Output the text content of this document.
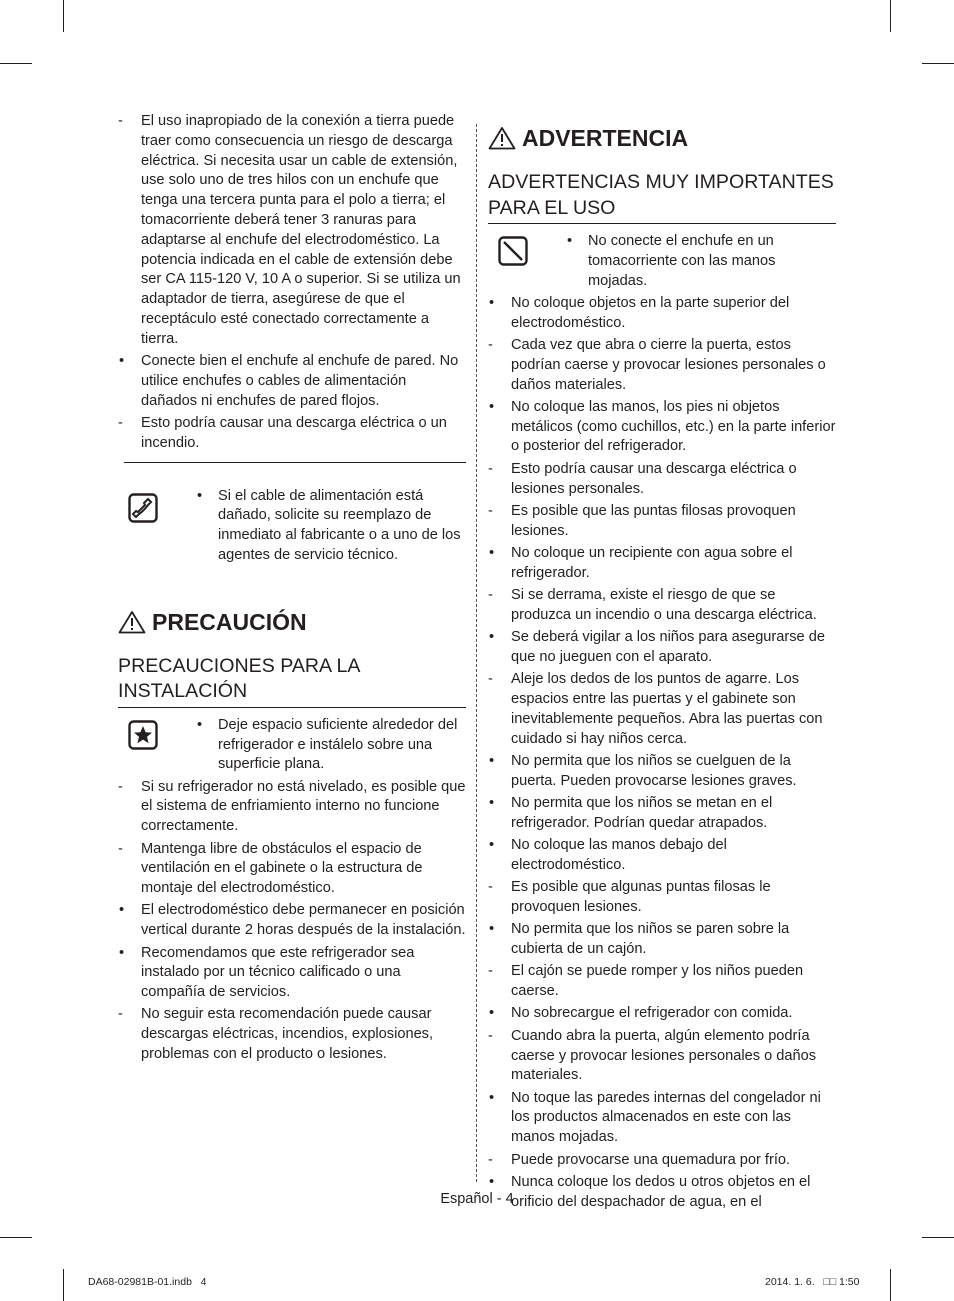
-	El uso inapropiado de la conexión a tierra puede traer como consecuencia un riesgo de descarga eléctrica. Si necesita usar un cable de extensión, use solo uno de tres hilos con un enchufe que tenga una tercera punta para el polo a tierra; el tomacorriente deberá tener 3 ranuras para adaptarse al enchufe del electrodoméstico. La potencia indicada en el cable de extensión debe ser CA 115-120 V, 10 A o superior. Si se utiliza un adaptador de tierra, asegúrese de que el receptáculo esté conectado correctamente a tierra.
•	Conecte bien el enchufe al enchufe de pared. No utilice enchufes o cables de alimentación dañados ni enchufes de pared flojos.
-	Esto podría causar una descarga eléctrica o un incendio.
•	Si el cable de alimentación está dañado, solicite su reemplazo de inmediato al fabricante o a uno de los agentes de servicio técnico.
PRECAUCIÓN
PRECAUCIONES PARA LA INSTALACIÓN
•	Deje espacio suficiente alrededor del refrigerador e instálelo sobre una superficie plana.
-	Si su refrigerador no está nivelado, es posible que el sistema de enfriamiento interno no funcione correctamente.
-	Mantenga libre de obstáculos el espacio de ventilación en el gabinete o la estructura de montaje del electrodoméstico.
•	El electrodoméstico debe permanecer en posición vertical durante 2 horas después de la instalación.
•	Recomendamos que este refrigerador sea instalado por un técnico calificado o una compañía de servicios.
-	No seguir esta recomendación puede causar descargas eléctricas, incendios, explosiones, problemas con el producto o lesiones.
ADVERTENCIA
ADVERTENCIAS MUY IMPORTANTES PARA EL USO
•	No conecte el enchufe en un tomacorriente con las manos mojadas.
•	No coloque objetos en la parte superior del electrodoméstico.
-	Cada vez que abra o cierre la puerta, estos podrían caerse y provocar lesiones personales o daños materiales.
•	No coloque las manos, los pies ni objetos metálicos (como cuchillos, etc.) en la parte inferior o posterior del refrigerador.
-	Esto podría causar una descarga eléctrica o lesiones personales.
-	Es posible que las puntas filosas provoquen lesiones.
•	No coloque un recipiente con agua sobre el refrigerador.
-	Si se derrama, existe el riesgo de que se produzca un incendio o una descarga eléctrica.
•	Se deberá vigilar a los niños para asegurarse de que no jueguen con el aparato.
-	Aleje los dedos de los puntos de agarre. Los espacios entre las puertas y el gabinete son inevitablemente pequeños. Abra las puertas con cuidado si hay niños cerca.
•	No permita que los niños se cuelguen de la puerta. Pueden provocarse lesiones graves.
•	No permita que los niños se metan en el refrigerador. Podrían quedar atrapados.
•	No coloque las manos debajo del electrodoméstico.
-	Es posible que algunas puntas filosas le provoquen lesiones.
•	No permita que los niños se paren sobre la cubierta de un cajón.
-	El cajón se puede romper y los niños pueden caerse.
•	No sobrecargue el refrigerador con comida.
-	Cuando abra la puerta, algún elemento podría caerse y provocar lesiones personales o daños materiales.
•	No toque las paredes internas del congelador ni los productos almacenados en este con las manos mojadas.
-	Puede provocarse una quemadura por frío.
•	Nunca coloque los dedos u otros objetos en el orificio del despachador de agua, en el
Español - 4
DA68-02981B-01.indb   4	2014. 1. 6.   □□ 1:50
